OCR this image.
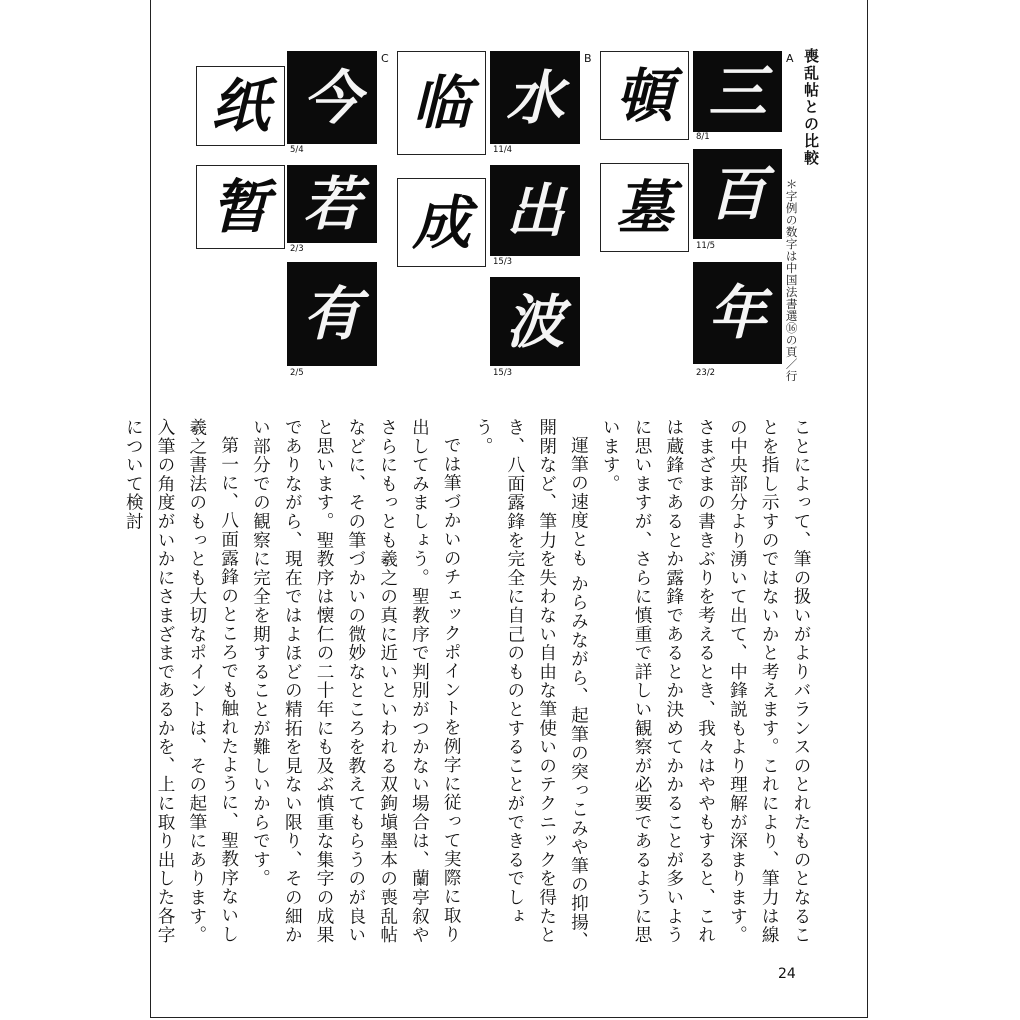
喪乱帖との比較
＊字例の数字は中国法書選⑯の頁／行
A
B
C	三
8/1
頓
百
11/5
墓
年
23/2
水
11/4
临
出
15/3
成
波
15/3
今
5/4
纸
若
2/3
暂
有
2/5

ことによって、筆の扱いがよりバランスのとれたものとなることを指し示すのではないかと考えます。これにより、筆力は線の中央部分より湧いて出て、中鋒説もより理解が深まります。さまざまの書きぶりを考えるとき、我々はややもすると、これは蔵鋒であるとか露鋒であるとか決めてかかることが多いように思いますが、さらに慎重で詳しい観察が必要であるように思います。

運筆の速度とも からみながら、起筆の突っこみや筆の抑揚、開閉など、筆力を失わない自由な筆使いのテクニックを得たとき、八面露鋒を完全に自己のものとすることができるでしょう。

では筆づかいのチェックポイントを例字に従って実際に取り出してみましょう。聖教序で判別がつかない場合は、蘭亭叙やさらにもっとも羲之の真に近いといわれる双鉤塡墨本の喪乱帖などに、その筆づかいの微妙なところを教えてもらうのが良いと思います。聖教序は懐仁の二十年にも及ぶ慎重な集字の成果でありながら、現在ではよほどの精拓を見ない限り、その細かい部分での観察に完全を期することが難しいからです。

第一に、八面露鋒のところでも触れたように、聖教序ないし羲之書法のもっとも大切なポイントは、その起筆にあります。入筆の角度がいかにさまざまであるかを、上に取り出した各字について検討

24
